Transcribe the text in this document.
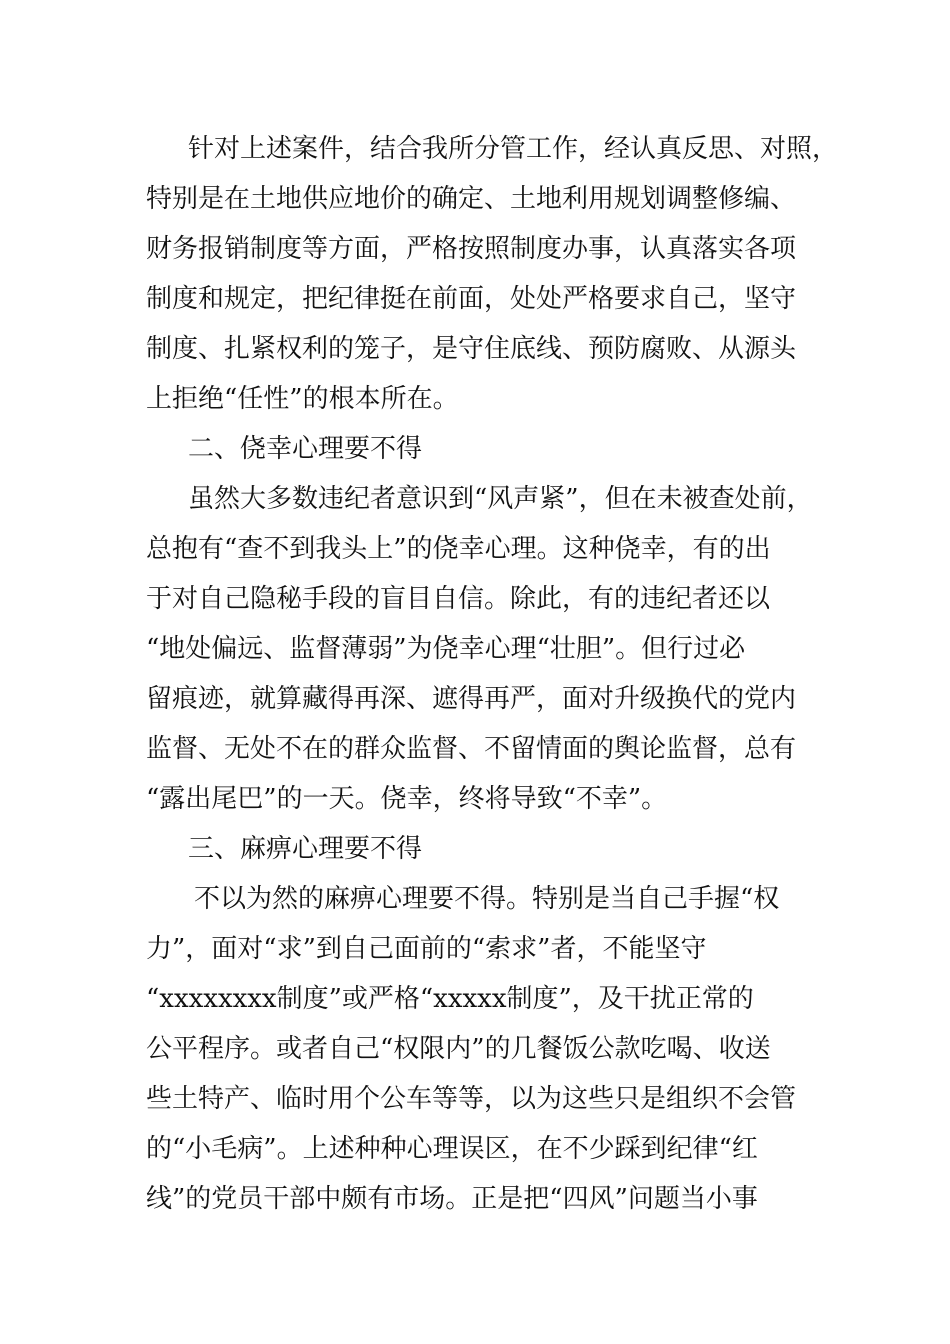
针对上述案件，结合我所分管工作，经认真反思、对照，
特别是在土地供应地价的确定、土地利用规划调整修编、
财务报销制度等方面，严格按照制度办事，认真落实各项
制度和规定，把纪律挺在前面，处处严格要求自己，坚守
制度、扎紧权利的笼子，是守住底线、预防腐败、从源头
上拒绝“任性”的根本所在。
二、侥幸心理要不得
虽然大多数违纪者意识到“风声紧”，但在未被查处前，
总抱有“查不到我头上”的侥幸心理。这种侥幸，有的出
于对自己隐秘手段的盲目自信。除此，有的违纪者还以
“地处偏远、监督薄弱”为侥幸心理“壮胆”。但行过必
留痕迹，就算藏得再深、遮得再严，面对升级换代的党内
监督、无处不在的群众监督、不留情面的舆论监督，总有
“露出尾巴”的一天。侥幸，终将导致“不幸”。
三、麻痹心理要不得
不以为然的麻痹心理要不得。特别是当自己手握“权
力”，面对“求”到自己面前的“索求”者，不能坚守
“xxxxxxxx制度”或严格“xxxxx制度”，及干扰正常的
公平程序。或者自己“权限内”的几餐饭公款吃喝、收送
些土特产、临时用个公车等等，以为这些只是组织不会管
的“小毛病”。上述种种心理误区，在不少踩到纪律“红
线”的党员干部中颇有市场。正是把“四风”问题当小事
